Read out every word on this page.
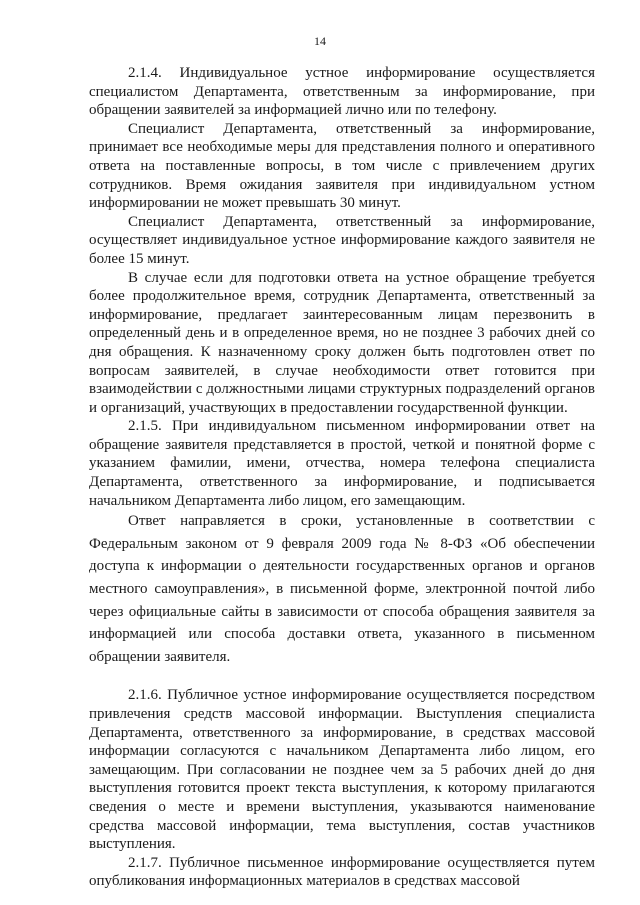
14

2.1.4. Индивидуальное устное информирование осуществляется специалистом Департамента, ответственным за информирование, при обращении заявителей за информацией лично или по телефону.

Специалист Департамента, ответственный за информирование, принимает все необходимые меры для представления полного и оперативного ответа на поставленные вопросы, в том числе с привлечением других сотрудников. Время ожидания заявителя при индивидуальном устном информировании не может превышать 30 минут.

Специалист Департамента, ответственный за информирование, осуществляет индивидуальное устное информирование каждого заявителя не более 15 минут.

В случае если для подготовки ответа на устное обращение требуется более продолжительное время, сотрудник Департамента, ответственный за информирование, предлагает заинтересованным лицам перезвонить в определенный день и в определенное время, но не позднее 3 рабочих дней со дня обращения. К назначенному сроку должен быть подготовлен ответ по вопросам заявителей, в случае необходимости ответ готовится при взаимодействии с должностными лицами структурных подразделений органов и организаций, участвующих в предоставлении государственной функции.

2.1.5. При индивидуальном письменном информировании ответ на обращение заявителя представляется в простой, четкой и понятной форме с указанием фамилии, имени, отчества, номера телефона специалиста Департамента, ответственного за информирование, и подписывается начальником Департамента либо лицом, его замещающим.

Ответ направляется в сроки, установленные в соответствии с Федеральным законом от 9 февраля 2009 года № 8-ФЗ «Об обеспечении доступа к информации о деятельности государственных органов и органов местного самоуправления», в письменной форме, электронной почтой либо через официальные сайты в зависимости от способа обращения заявителя за информацией или способа доставки ответа, указанного в письменном обращении заявителя.

2.1.6. Публичное устное информирование осуществляется посредством привлечения средств массовой информации. Выступления специалиста Департамента, ответственного за информирование, в средствах массовой информации согласуются с начальником Департамента либо лицом, его замещающим. При согласовании не позднее чем за 5 рабочих дней до дня выступления готовится проект текста выступления, к которому прилагаются сведения о месте и времени выступления, указываются наименование средства массовой информации, тема выступления, состав участников выступления.

2.1.7. Публичное письменное информирование осуществляется путем опубликования информационных материалов в средствах массовой
